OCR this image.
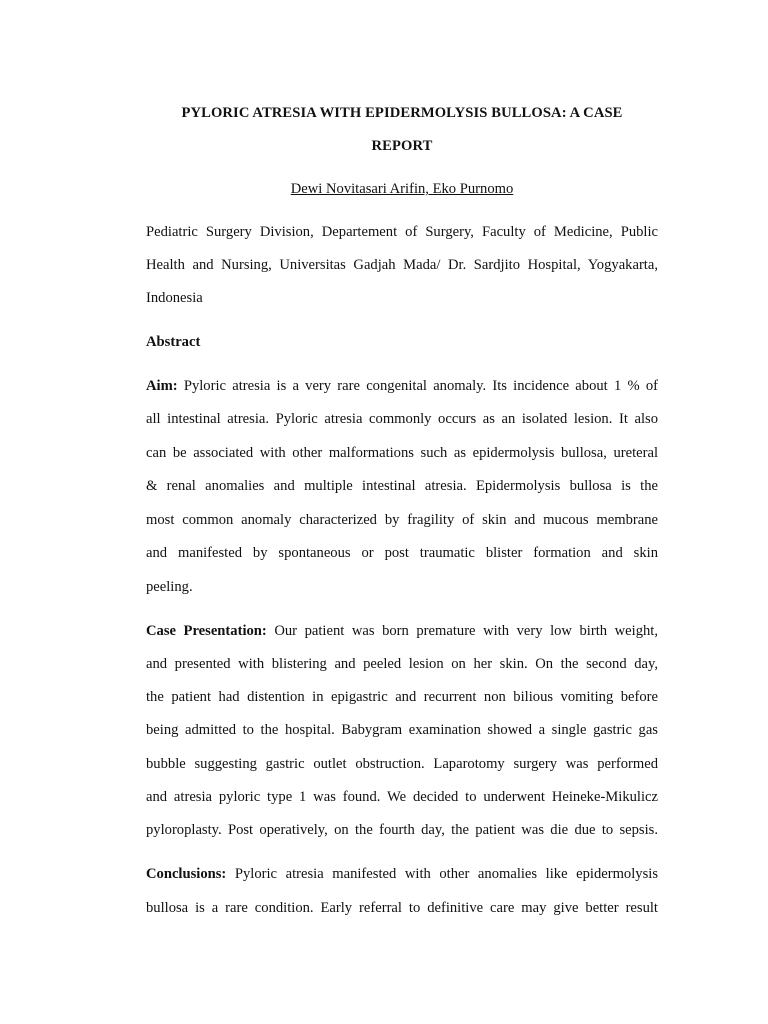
PYLORIC ATRESIA WITH EPIDERMOLYSIS BULLOSA: A CASE
REPORT
Dewi Novitasari Arifin, Eko Purnomo
Pediatric Surgery Division, Departement of Surgery, Faculty of Medicine, Public
Health and Nursing, Universitas Gadjah Mada/ Dr. Sardjito Hospital, Yogyakarta,
Indonesia
Abstract
Aim: Pyloric atresia is a very rare congenital anomaly. Its incidence about 1 % of
all intestinal atresia. Pyloric atresia commonly occurs as an isolated lesion. It also
can be associated with other malformations such as epidermolysis bullosa, ureteral
& renal anomalies and multiple intestinal atresia. Epidermolysis bullosa is the
most common anomaly characterized by fragility of skin and mucous membrane
and manifested by spontaneous or post traumatic blister formation and skin
peeling.
Case Presentation: Our patient was born premature with very low birth weight,
and presented with blistering and peeled lesion on her skin. On the second day,
the patient had distention in epigastric and recurrent non bilious vomiting before
being admitted to the hospital. Babygram examination showed a single gastric gas
bubble suggesting gastric outlet obstruction. Laparotomy surgery was performed
and atresia pyloric type 1 was found. We decided to underwent Heineke-Mikulicz
pyloroplasty. Post operatively, on the fourth day, the patient was die due to sepsis.
Conclusions: Pyloric atresia manifested with other anomalies like epidermolysis
bullosa is a rare condition. Early referral to definitive care may give better result
